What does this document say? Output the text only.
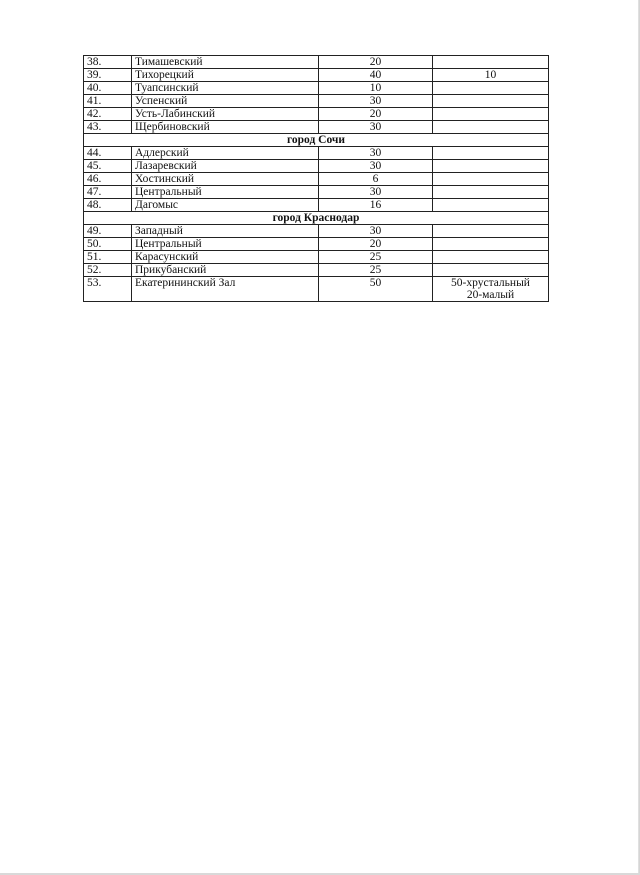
38.	Тимашевский	20	
39.	Тихорецкий	40	10

40.	Туапсинский	10	
41.	Успенский	30	
42.	Усть-Лабинский	20	
43.	Щербиновский	30	
город Сочи			
44.	Адлерский	30	
45.	Лазаревский	30	
46.	Хостинский	6	
47.	Центральный	30	
48.	Дагомыс	16	
город Краснодар			
49.	Западный	30	
50.	Центральный	20	
51.	Карасунский	25	
52.	Прикубанский	25	
53.	Екатерининский Зал	50	50-хрустальный
20-малый
